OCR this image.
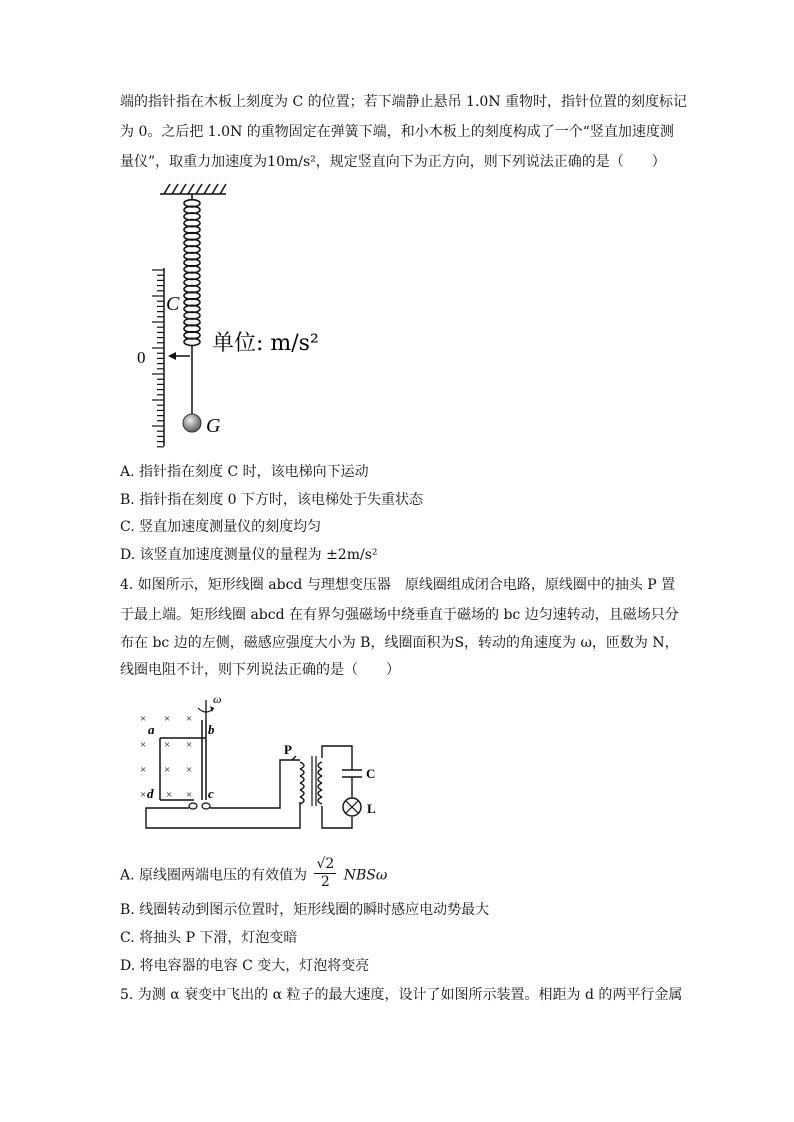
端的指针指在木板上刻度为 C 的位置；若下端静止悬吊 1.0N 重物时，指针位置的刻度标记
为 0。之后把 1.0N 的重物固定在弹簧下端，和小木板上的刻度构成了一个“竖直加速度测
量仪”，取重力加速度为10m/s²，规定竖直向下为正方向，则下列说法正确的是（　　）
C
0
G
单位: m/s²
A. 指针指在刻度 C 时，该电梯向下运动
B. 指针指在刻度 0 下方时，该电梯处于失重状态
C. 竖直加速度测量仪的刻度均匀
D. 该竖直加速度测量仪的量程为 ±2m/s²
4. 如图所示，矩形线圈 abcd 与理想变压器　原线圈组成闭合电路，原线圈中的抽头 P 置
于最上端。矩形线圈 abcd 在有界匀强磁场中绕垂直于磁场的 bc 边匀速转动，且磁场只分
布在 bc 边的左侧，磁感应强度大小为 B，线圈面积为S，转动的角速度为 ω，匝数为 N，
线圈电阻不计，则下列说法正确的是（　　）
× × ×
× × ×
× × ×
× × ×
ω
a	b
c
d
P
C
L
A. 原线圈两端电压的有效值为 $\frac{√2}{2}$ NBSω
B. 线圈转动到图示位置时，矩形线圈的瞬时感应电动势最大
C. 将抽头 P 下滑，灯泡变暗
D. 将电容器的电容 C 变大，灯泡将变亮
5. 为测 α 衰变中飞出的 α 粒子的最大速度，设计了如图所示装置。相距为 d 的两平行金属
